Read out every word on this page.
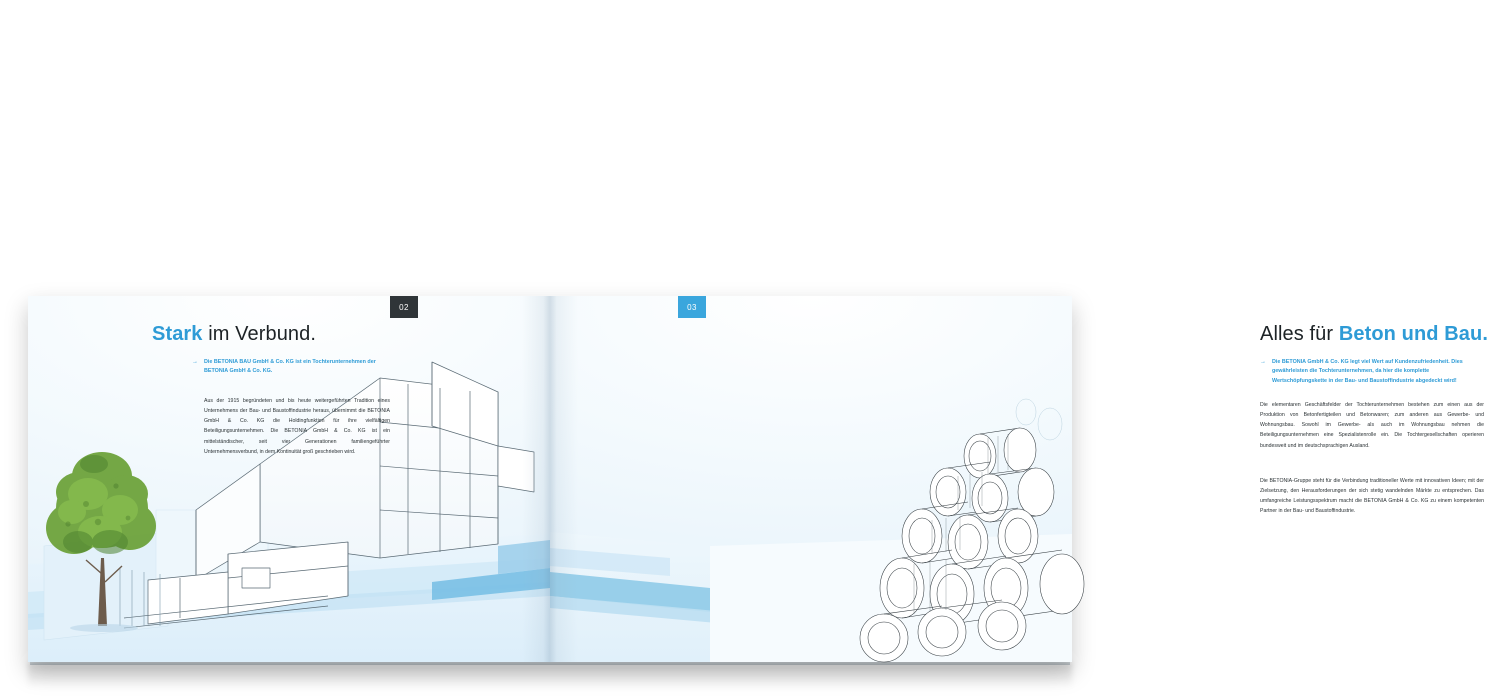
Stark im Verbund.
→ Die BETONIA BAU GmbH & Co. KG ist ein Tochterunternehmen der BETONIA GmbH & Co. KG.
Aus der 1915 begründeten und bis heute weitergeführten Tradition eines Unternehmens der Bau- und Baustoffindustrie heraus, übernimmt die BETONIA GmbH & Co. KG die Holdingfunktion für ihre vielfältigen Beteiligungsunternehmen. Die BETONIA GmbH & Co. KG ist ein mittelständischer, seit vier Generationen familiengeführter Unternehmensverbund, in dem Kontinuität groß geschrieben wird.
Alles für Beton und Bau.
→ Die BETONIA GmbH & Co. KG legt viel Wert auf Kundenzufriedenheit. Dies gewährleisten die Tochterunternehmen, da hier die komplette Wertschöpfungskette in der Bau- und Baustoffindustrie abgedeckt wird!
Die elementaren Geschäftsfelder der Tochterunternehmen bestehen zum einen aus der Produktion von Betonfertigteilen und Betonwaren; zum anderen aus Gewerbe- und Wohnungsbau. Sowohl im Gewerbe- als auch im Wohnungsbau nehmen die Beteiligungsunternehmen eine Spezialistenrolle ein. Die Tochtergesellschaften operieren bundesweit und im deutschsprachigen Ausland.
Die BETONIA-Gruppe steht für die Verbindung traditioneller Werte mit innovativen Ideen; mit der Zielsetzung, den Herausforderungen der sich stetig wandelnden Märkte zu entsprechen. Das umfangreiche Leistungsspektrum macht die BETONIA GmbH & Co. KG zu einem kompetenten Partner in der Bau- und Baustoffindustrie.
02	03
